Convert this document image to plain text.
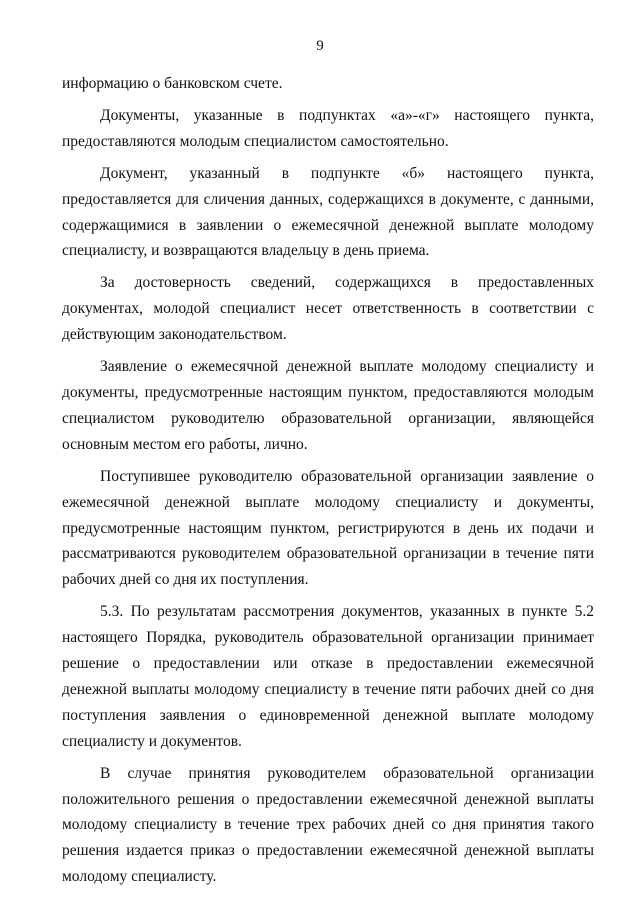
9

информацию о банковском счете.

Документы, указанные в подпунктах «а»-«г» настоящего пункта, предоставляются молодым специалистом самостоятельно.

Документ, указанный в подпункте «б» настоящего пункта, предоставляется для сличения данных, содержащихся в документе, с данными, содержащимися в заявлении о ежемесячной денежной выплате молодому специалисту, и возвращаются владельцу в день приема.

За достоверность сведений, содержащихся в предоставленных документах, молодой специалист несет ответственность в соответствии с действующим законодательством.

Заявление о ежемесячной денежной выплате молодому специалисту и документы, предусмотренные настоящим пунктом, предоставляются молодым специалистом руководителю образовательной организации, являющейся основным местом его работы, лично.

Поступившее руководителю образовательной организации заявление о ежемесячной денежной выплате молодому специалисту и документы, предусмотренные настоящим пунктом, регистрируются в день их подачи и рассматриваются руководителем образовательной организации в течение пяти рабочих дней со дня их поступления.

5.3. По результатам рассмотрения документов, указанных в пункте 5.2 настоящего Порядка, руководитель образовательной организации принимает решение о предоставлении или отказе в предоставлении ежемесячной денежной выплаты молодому специалисту в течение пяти рабочих дней со дня поступления заявления о единовременной денежной выплате молодому специалисту и документов.

В случае принятия руководителем образовательной организации положительного решения о предоставлении ежемесячной денежной выплаты молодому специалисту в течение трех рабочих дней со дня принятия такого решения издается приказ о предоставлении ежемесячной денежной выплаты молодому специалисту.
